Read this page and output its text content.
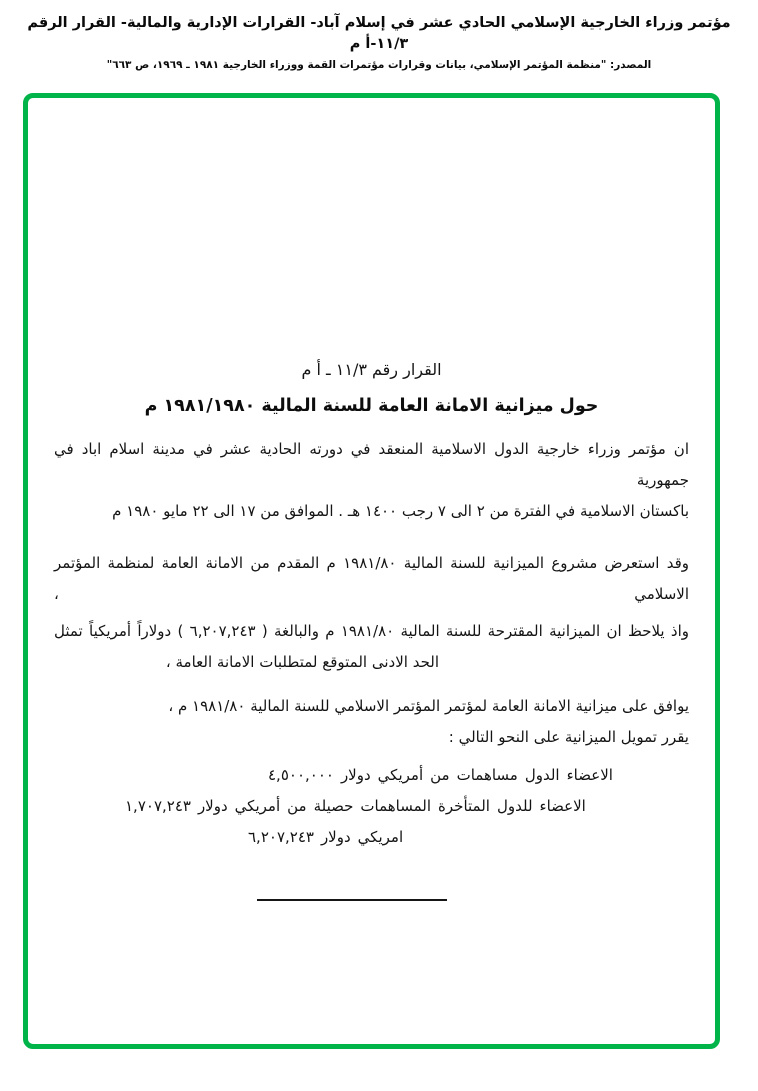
مؤتمر وزراء الخارجية الإسلامي الحادي عشر في إسلام آباد- القرارات الإدارية والمالية- القرار الرقم ١١/٣-أ م
المصدر: "منظمة المؤتمر الإسلامي، بيانات وقرارات مؤتمرات القمة ووزراء الخارجية ١٩٨١ ـ ١٩٦٩، ص ٦٦٣"
القرار رقم ١١/٣ ـ أ م
حول ميزانية الامانة العامة للسنة المالية ١٩٨١/١٩٨٠ م
ان مؤتمر وزراء خارجية الدول الاسلامية المنعقد في دورته الحادية عشر في مدينة اسلام اباد في جمهورية
باكستان الاسلامية في الفترة من ٢ الى ٧ رجب ١٤٠٠ هـ . الموافق من ١٧ الى ٢٢ مايو ١٩٨٠ م
وقد استعرض مشروع الميزانية للسنة المالية ١٩٨١/٨٠ م المقدم من الامانة العامة لمنظمة المؤتمر الاسلامي ،
واذ يلاحظ ان الميزانية المقترحة للسنة المالية ١٩٨١/٨٠ م والبالغة ( ٦,٢٠٧,٢٤٣ ) دولاراً أمريكياً تمثل
الحد الادنى المتوقع لمتطلبات الامانة العامة ،
يوافق على ميزانية الامانة العامة لمؤتمر المؤتمر الاسلامي للسنة المالية ١٩٨١/٨٠ م ،
يقرر تمويل الميزانية على النحو التالي :
٤,٥٠٠,٠٠٠ دولار أمريكي من مساهمات الدول الاعضاء
١,٧٠٧,٢٤٣ دولار أمريكي من حصيلة المساهمات المتأخرة للدول الاعضاء
٦,٢٠٧,٢٤٣ دولار امريكي
